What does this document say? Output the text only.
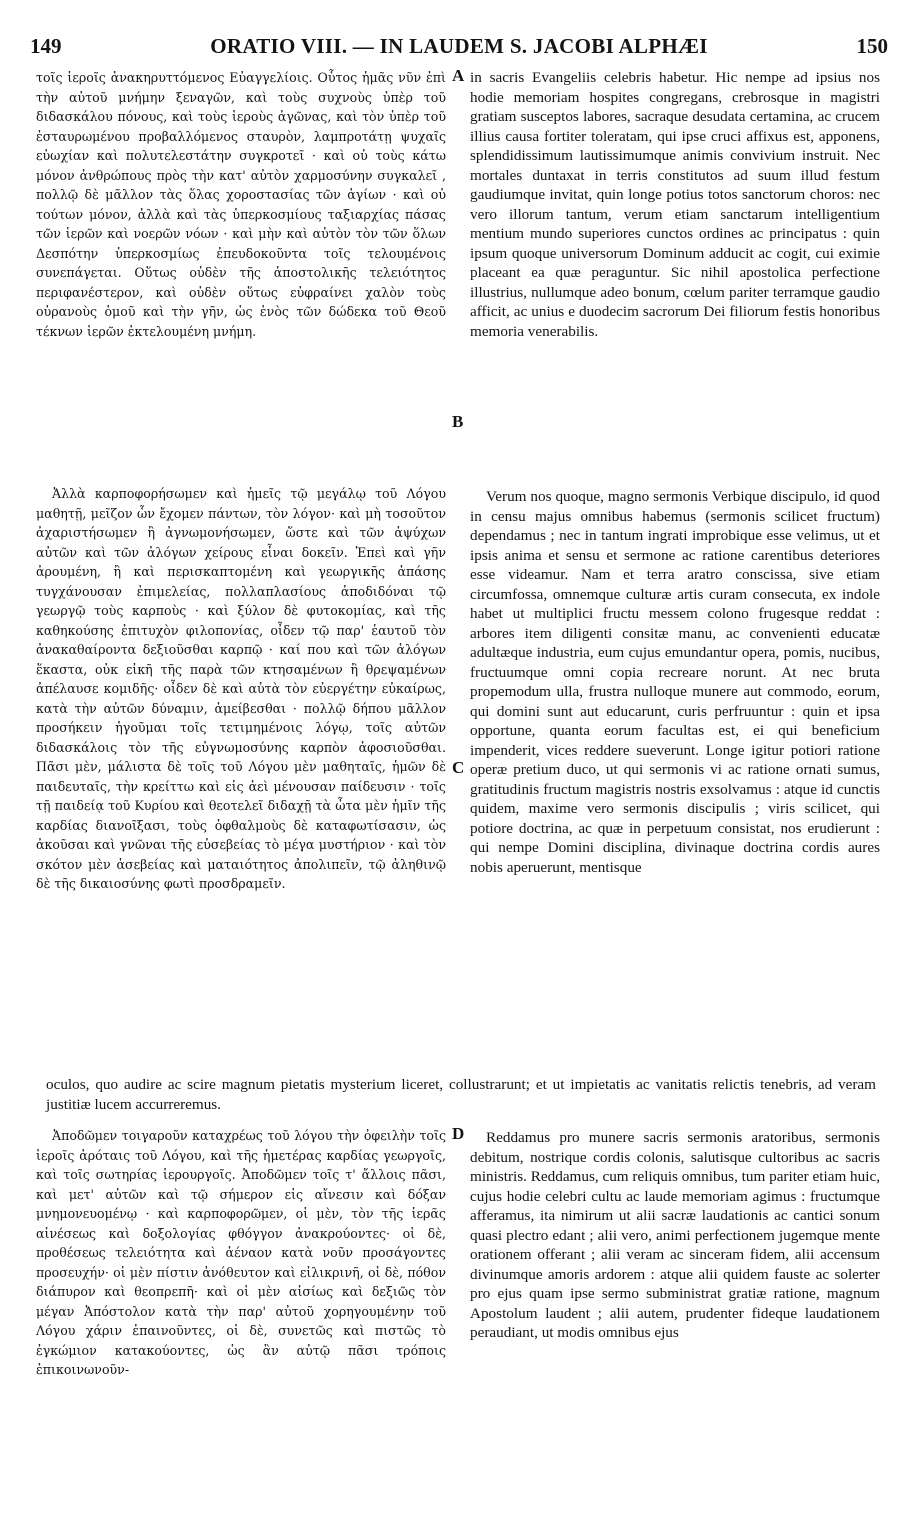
149	ORATIO VIII. — IN LAUDEM S. JACOBI ALPHÆI	150

τοῖς ἱεροῖς ἀνακηρυττόμενος Εὐαγγελίοις. Οὗτος ἡμᾶς νῦν ἐπὶ τὴν αὐτοῦ μνήμην ξεναγῶν, καὶ τοὺς συχνοὺς ὑπὲρ τοῦ διδασκάλου πόνους, καὶ τοὺς ἱεροὺς ἀγῶνας, καὶ τὸν ὑπὲρ τοῦ ἐσταυρωμένου προβαλλόμενος σταυρὸν, λαμπροτάτῃ ψυχαῖς εὐωχίαν καὶ πολυτελεστάτην συγκροτεῖ · καὶ οὐ τοὺς κάτω μόνον ἀνθρώπους πρὸς τὴν κατ' αὐτὸν χαρμοσύνην συγκαλεῖ , πολλῷ δὲ μᾶλλον τὰς ὅλας χοροστασίας τῶν ἁγίων · καὶ οὐ τούτων μόνον, ἀλλὰ καὶ τὰς ὑπερκοσμίους ταξιαρχίας πάσας τῶν ἱερῶν καὶ νοερῶν νόων · καὶ μὴν καὶ αὐτὸν τὸν τῶν ὅλων Δεσπότην ὑπερκοσμίως ἐπευδοκοῦντα τοῖς τελουμένοις συνεπάγεται. Οὕτως οὐδὲν τῆς ἀποστολικῆς τελειότητος περιφανέστερον, καὶ οὐδὲν οὕτως εὐφραίνει χαλὸν τοὺς οὐρανοὺς ὁμοῦ καὶ τὴν γῆν, ὡς ἑνὸς τῶν δώδεκα τοῦ Θεοῦ τέκνων ἱερῶν ἐκτελουμένη μνήμη.

A in sacris Evangeliis celebris habetur. Hic nempe ad ipsius nos hodie memoriam hospites congregans, crebrosque in magistri gratiam susceptos labores, sacraque desudata certamina, ac crucem illius causa fortiter toleratam, qui ipse cruci affixus est, apponens, splendidissimum lautissimumque animis convivium instruit. Nec mortales duntaxat in terris constitutos ad suum illud festum gaudiumque invitat, quin longe potius totos sanctorum choros: nec vero illorum tantum, verum etiam sanctarum intelligentium mentium mundo superiores cunctos ordines ac principatus : quin ipsum quoque universorum Dominum adducit ac cogit, cui eximie placeant ea quæ peraguntur. Sic nihil apostolica perfectione illustrius, nullumque adeo bonum, cœlum pariter terramque gaudio afficit, ac unius e duodecim sacrorum Dei filiorum festis honoribus memoria venerabilis.

B

Ἀλλὰ καρποφορήσωμεν καὶ ἡμεῖς τῷ μεγάλῳ τοῦ Λόγου μαθητῇ, μεῖζον ὧν ἔχομεν πάντων, τὸν λόγον· καὶ μὴ τοσοῦτον ἀχαριστήσωμεν ἢ ἀγνωμονήσωμεν, ὥστε καὶ τῶν ἀψύχων αὐτῶν καὶ τῶν ἀλόγων χείρους εἶναι δοκεῖν. Ἐπεὶ καὶ γῆν ἀρουμένη, ἢ καὶ περισκαπτομένη καὶ γεωργικῆς ἁπάσης τυγχάνουσαν ἐπιμελείας, πολλαπλασίους ἀποδιδόναι τῷ γεωργῷ τοὺς καρποὺς · καὶ ξύλον δὲ φυτοκομίας, καὶ τῆς καθηκούσης ἐπιτυχὸν φιλοπονίας, οἶδεν τῷ παρ' ἑαυτοῦ τὸν ἀνακαθαίροντα δεξιοῦσθαι καρπῷ · καί που καὶ τῶν ἀλόγων ἕκαστα, οὐκ εἰκῆ τῆς παρὰ τῶν κτησαμένων ἢ θρεψαμένων ἀπέλαυσε κομιδῆς· οἶδεν δὲ καὶ αὐτὰ τὸν εὐεργέτην εὐκαίρως, κατὰ τὴν αὐτῶν δύναμιν, ἀμείβεσθαι · πολλῷ δήπου μᾶλλον προσήκειν ἡγοῦμαι τοῖς τετιμημένοις λόγῳ, τοῖς αὐτῶν διδασκάλοις τὸν τῆς εὐγνωμοσύνης καρπὸν ἀφοσιοῦσθαι. Πᾶσι μὲν, μάλιστα δὲ τοῖς τοῦ Λόγου μὲν μαθηταῖς, ἡμῶν δὲ παιδευταῖς, τὴν κρείττω καὶ εἰς ἀεὶ μένουσαν παίδευσιν · τοῖς τῇ παιδείᾳ τοῦ Κυρίου καὶ θεοτελεῖ διδαχῇ τὰ ὦτα μὲν ἡμῖν τῆς καρδίας διανοῖξασι, τοὺς ὀφθαλμοὺς δὲ καταφωτίσασιν, ὡς ἀκοῦσαι καὶ γνῶναι τῆς εὐσεβείας τὸ μέγα μυστήριον · καὶ τὸν σκότον μὲν ἀσεβείας καὶ ματαιότητος ἀπολιπεῖν, τῷ ἀληθινῷ δὲ τῆς δικαιοσύνης φωτὶ προσδραμεῖν.

C

Verum nos quoque, magno sermonis Verbique discipulo, id quod in censu majus omnibus habemus (sermonis scilicet fructum) dependamus ; nec in tantum ingrati improbique esse velimus, ut et ipsis anima et sensu et sermone ac ratione carentibus deteriores esse videamur. Nam et terra aratro conscissa, sive etiam circumfossa, omnemque culturæ artis curam consecuta, ex indole habet ut multiplici fructu messem colono frugesque reddat : arbores item diligenti consitæ manu, ac convenienti educatæ adultæque industria, eum cujus emundantur opera, pomis, nucibus, fructuumque omni copia recreare norunt. At nec bruta propemodum ulla, frustra nulloque munere aut commodo, eorum, qui domini sunt aut educarunt, curis perfruuntur : quin et ipsa opportune, quanta eorum facultas est, ei qui beneficium impenderit, vices reddere sueverunt. Longe igitur potiori ratione operæ pretium duco, ut qui sermonis vi ac ratione ornati sumus, gratitudinis fructum magistris nostris exsolvamus : atque id cunctis quidem, maxime vero sermonis discipulis ; viris scilicet, qui potiore doctrina, ac quæ in perpetuum consistat, nos erudierunt : qui nempe Domini disciplina, divinaque doctrina cordis aures nobis aperuerunt, mentisque

oculos, quo audire ac scire magnum pietatis mysterium liceret, collustrarunt; et ut impietatis ac vanitatis relictis tenebris, ad veram justitiæ lucem accurreremus.

Ἀποδῶμεν τοιγαροῦν καταχρέως τοῦ λόγου τὴν ὀφειλὴν τοῖς ἱεροῖς ἀρόταις τοῦ Λόγου, καὶ τῆς ἡμετέρας καρδίας γεωργοῖς, καὶ τοῖς σωτηρίας ἱερουργοῖς. Ἀποδῶμεν τοῖς τ' ἄλλοις πᾶσι, καὶ μετ' αὐτῶν καὶ τῷ σήμερον εἰς αἴνεσιν καὶ δόξαν μνημονευομένῳ · καὶ καρποφορῶμεν, οἱ μὲν, τὸν τῆς ἱερᾶς αἰνέσεως καὶ δοξολογίας φθόγγον ἀνακρούοντες· οἱ δὲ, προθέσεως τελειότητα καὶ ἀέναον κατὰ νοῦν προσάγοντες προσευχήν· οἱ μὲν πίστιν ἀνόθευτον καὶ εἰλικρινῆ, οἱ δὲ, πόθον διάπυρον καὶ θεοπρεπῆ· καὶ οἱ μὲν αἰσίως καὶ δεξιῶς τὸν μέγαν Ἀπόστολον κατὰ τὴν παρ' αὐτοῦ χορηγουμένην τοῦ Λόγου χάριν ἐπαινοῦντες, οἱ δὲ, συνετῶς καὶ πιστῶς τὸ ἐγκώμιον κατακούοντες, ὡς ἂν αὐτῷ πᾶσι τρόποις ἐπικοινωνοῦν-

D	Reddamus pro munere sacris sermonis aratoribus, sermonis debitum, nostrique cordis colonis, salutisque cultoribus ac sacris ministris. Reddamus, cum reliquis omnibus, tum pariter etiam huic, cujus hodie celebri cultu ac laude memoriam agimus : fructumque afferamus, ita nimirum ut alii sacræ laudationis ac cantici sonum quasi plectro edant ; alii vero, animi perfectionem jugemque mente orationem offerant ; alii veram ac sinceram fidem, alii accensum divinumque amoris ardorem : atque alii quidem fauste ac solerter pro ejus quam ipse sermo subministrat gratiæ ratione, magnum Apostolum laudent ; alii autem, prudenter fideque laudationem peraudiant, ut modis omnibus ejus
